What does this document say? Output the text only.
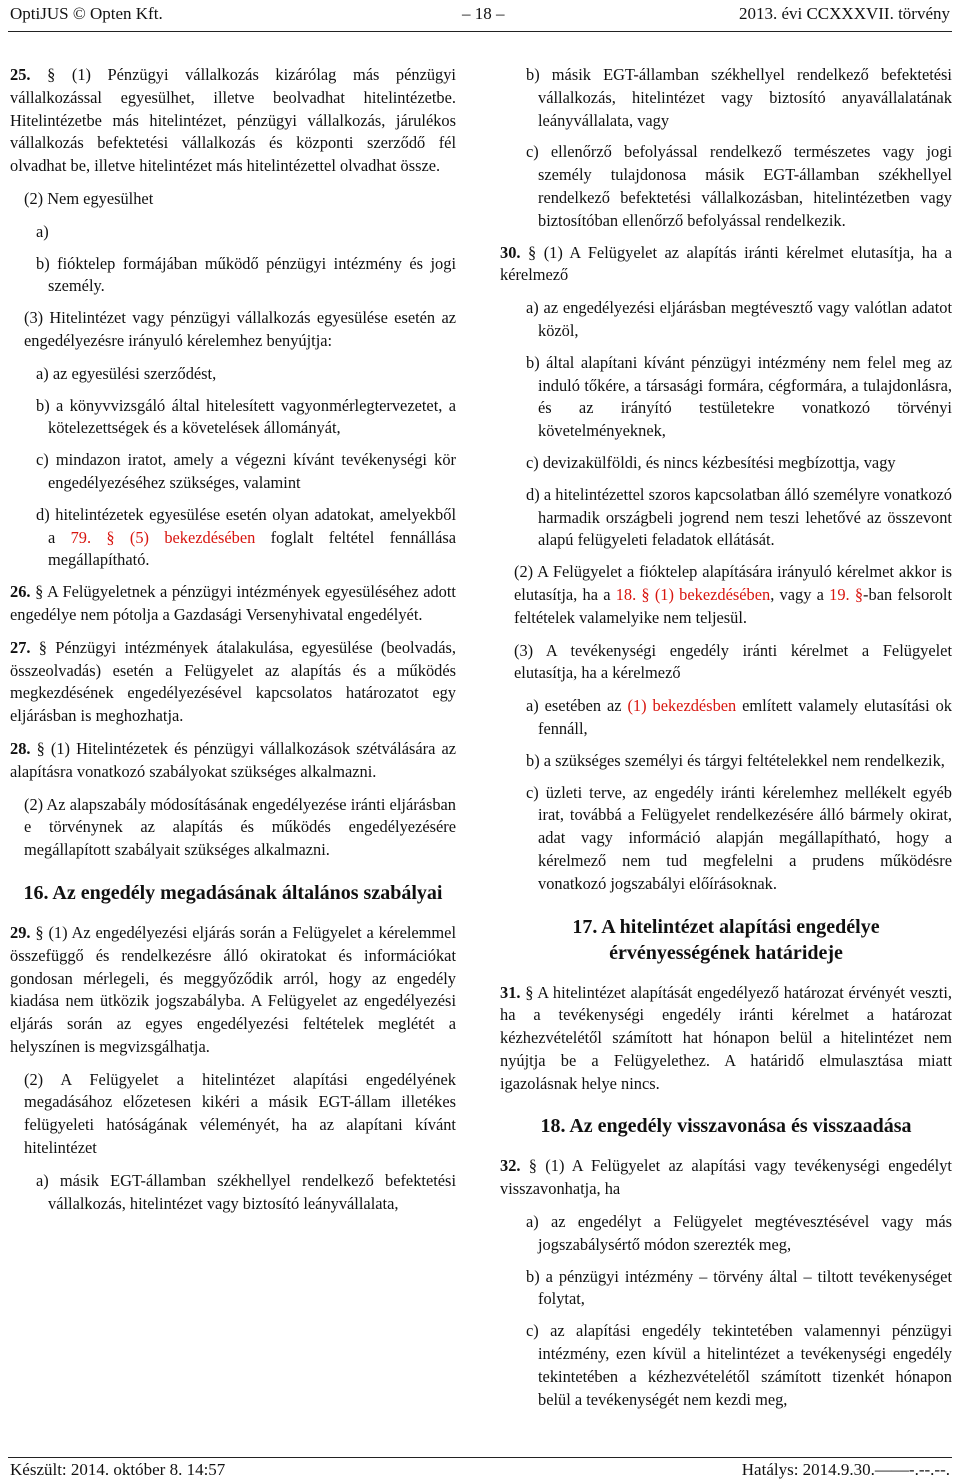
OptiJUS © Opten Kft.	– 18 –	2013. évi CCXXXVII. törvény

25. § (1) Pénzügyi vállalkozás kizárólag más pénzügyi vállalkozással egyesülhet, illetve beolvadhat hitelintézetbe. Hitelintézetbe más hitelintézet, pénzügyi vállalkozás, járulékos vállalkozás befektetési vállalkozás és központi szerződő fél olvadhat be, illetve hitelintézet más hitelintézettel olvadhat össze.

(2) Nem egyesülhet

a)

b) fióktelep formájában működő pénzügyi intézmény és jogi személy.

(3) Hitelintézet vagy pénzügyi vállalkozás egyesülése esetén az engedélyezésre irányuló kérelemhez benyújtja:

a) az egyesülési szerződést,

b) a könyvvizsgáló által hitelesített vagyonmérlegtervezetet, a kötelezettségek és a követelések állományát,

c) mindazon iratot, amely a végezni kívánt tevékenységi kör engedélyezéséhez szükséges, valamint

d) hitelintézetek egyesülése esetén olyan adatokat, amelyekből a 79. § (5) bekezdésében foglalt feltétel fennállása megállapítható.

26. § A Felügyeletnek a pénzügyi intézmények egyesüléséhez adott engedélye nem pótolja a Gazdasági Versenyhivatal engedélyét.

27. § Pénzügyi intézmények átalakulása, egyesülése (beolvadás, összeolvadás) esetén a Felügyelet az alapítás és a működés megkezdésének engedélyezésével kapcsolatos határozatot egy eljárásban is meghozhatja.

28. § (1) Hitelintézetek és pénzügyi vállalkozások szétválására az alapításra vonatkozó szabályokat szükséges alkalmazni.

(2) Az alapszabály módosításának engedélyezése iránti eljárásban e törvénynek az alapítás és működés engedélyezésére megállapított szabályait szükséges alkalmazni.

16. Az engedély megadásának általános szabályai

29. § (1) Az engedélyezési eljárás során a Felügyelet a kérelemmel összefüggő és rendelkezésre álló okiratokat és információkat gondosan mérlegeli, és meggyőződik arról, hogy az engedély kiadása nem ütközik jogszabályba. A Felügyelet az engedélyezési eljárás során az egyes engedélyezési feltételek meglétét a helyszínen is megvizsgálhatja.

(2) A Felügyelet a hitelintézet alapítási engedélyének megadásához előzetesen kikéri a másik EGT-állam illetékes felügyeleti hatóságának véleményét, ha az alapítani kívánt hitelintézet

a) másik EGT-államban székhellyel rendelkező befektetési vállalkozás, hitelintézet vagy biztosító leányvállalata,

b) másik EGT-államban székhellyel rendelkező befektetési vállalkozás, hitelintézet vagy biztosító anyavállalatának leányvállalata, vagy

c) ellenőrző befolyással rendelkező természetes vagy jogi személy tulajdonosa másik EGT-államban székhellyel rendelkező befektetési vállalkozásban, hitelintézetben vagy biztosítóban ellenőrző befolyással rendelkezik.

30. § (1) A Felügyelet az alapítás iránti kérelmet elutasítja, ha a kérelmező

a) az engedélyezési eljárásban megtévesztő vagy valótlan adatot közöl,

b) által alapítani kívánt pénzügyi intézmény nem felel meg az induló tőkére, a társasági formára, cégformára, a tulajdonlásra, és az irányító testületekre vonatkozó törvényi követelményeknek,

c) devizakülföldi, és nincs kézbesítési megbízottja, vagy

d) a hitelintézettel szoros kapcsolatban álló személyre vonatkozó harmadik országbeli jogrend nem teszi lehetővé az összevont alapú felügyeleti feladatok ellátását.

(2) A Felügyelet a fióktelep alapítására irányuló kérelmet akkor is elutasítja, ha a 18. § (1) bekezdésében, vagy a 19. §-ban felsorolt feltételek valamelyike nem teljesül.

(3) A tevékenységi engedély iránti kérelmet a Felügyelet elutasítja, ha a kérelmező

a) esetében az (1) bekezdésben említett valamely elutasítási ok fennáll,

b) a szükséges személyi és tárgyi feltételekkel nem rendelkezik,

c) üzleti terve, az engedély iránti kérelemhez mellékelt egyéb irat, továbbá a Felügyelet rendelkezésére álló bármely okirat, adat vagy információ alapján megállapítható, hogy a kérelmező nem tud megfelelni a prudens működésre vonatkozó jogszabályi előírásoknak.

17. A hitelintézet alapítási engedélye érvényességének határideje

31. § A hitelintézet alapítását engedélyező határozat érvényét veszti, ha a tevékenységi engedély iránti kérelmet a határozat kézhezvételétől számított hat hónapon belül a hitelintézet nem nyújtja be a Felügyelethez. A határidő elmulasztása miatt igazolásnak helye nincs.

18. Az engedély visszavonása és visszaadása

32. § (1) A Felügyelet az alapítási vagy tevékenységi engedélyt visszavonhatja, ha

a) az engedélyt a Felügyelet megtévesztésével vagy más jogszabálysértő módon szerezték meg,

b) a pénzügyi intézmény – törvény által – tiltott tevékenységet folytat,

c) az alapítási engedély tekintetében valamennyi pénzügyi intézmény, ezen kívül a hitelintézet a tevékenységi engedély tekintetében a kézhezvételétől számított tizenkét hónapon belül a tevékenységét nem kezdi meg,

Készült: 2014. október 8. 14:57	Hatálys: 2014.9.30.——-.--.--.
